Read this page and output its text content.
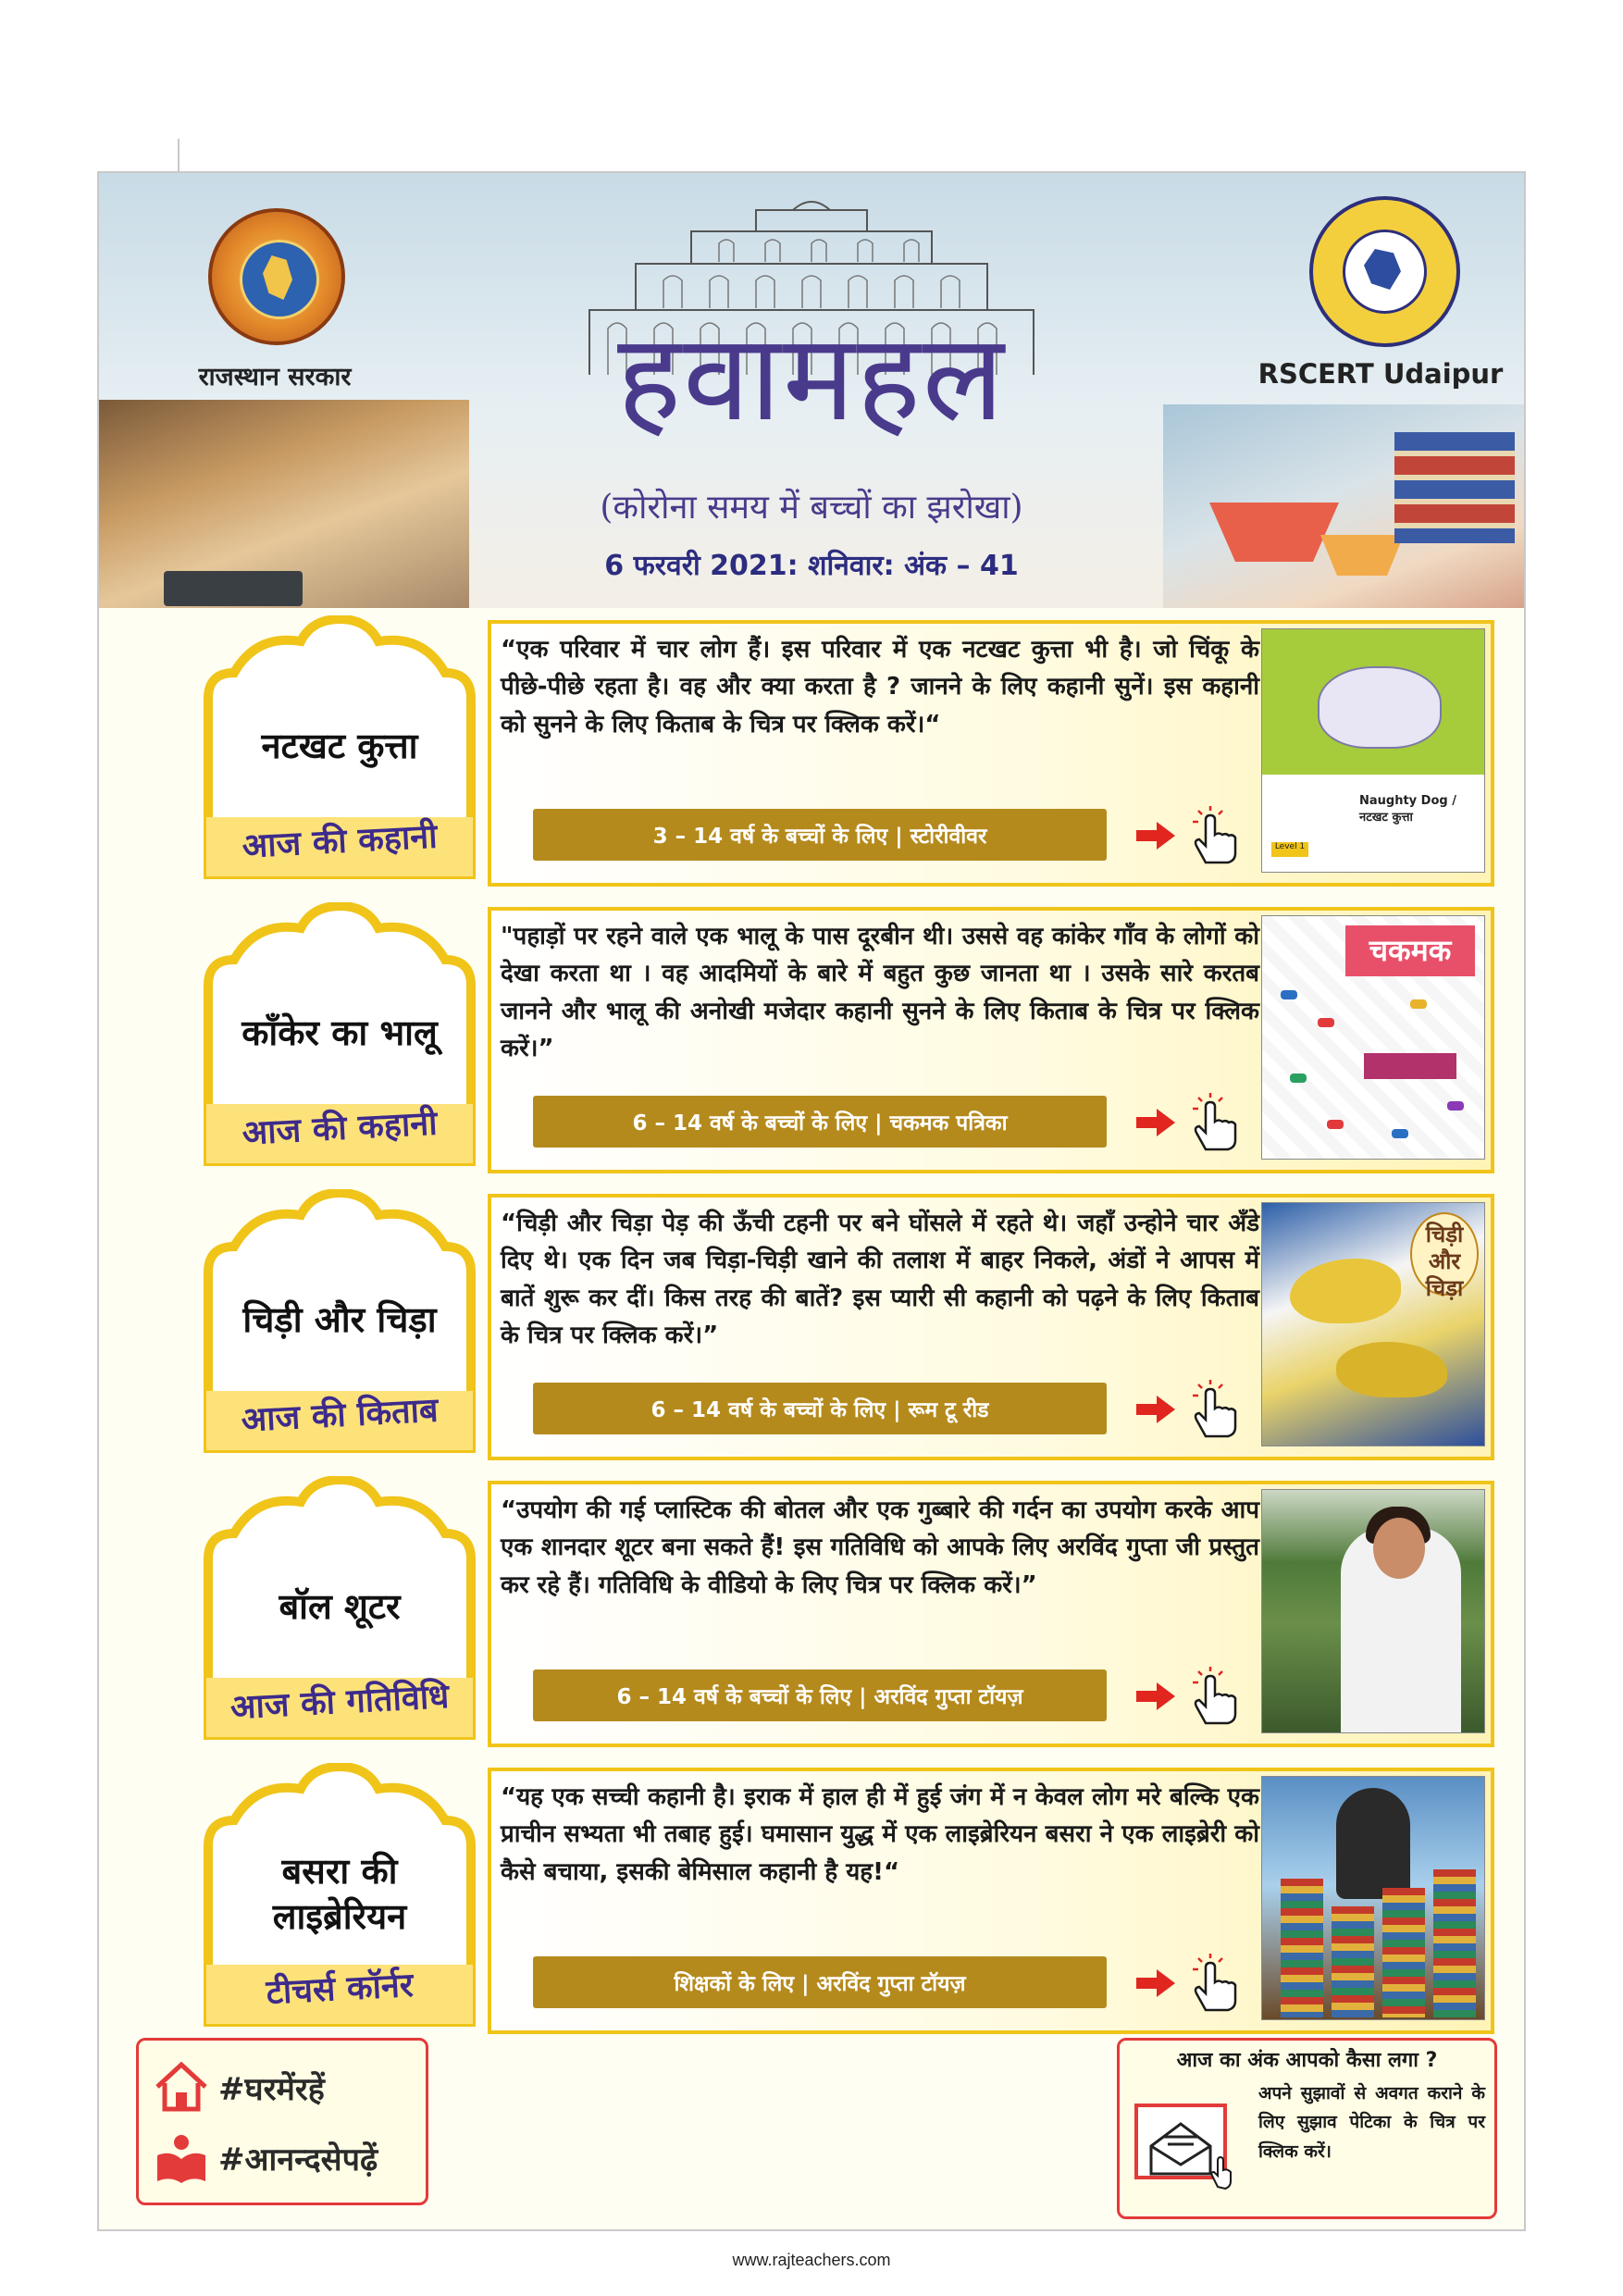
राजस्थान सरकार	हवामहल
(कोरोना समय में बच्चों का झरोखा)
6 फरवरी 2021: शनिवार: अंक – 41
RSCERT Udaipur
नटखट कुत्ता
आज की कहानी
“एक परिवार में चार लोग हैं। इस परिवार में एक नटखट कुत्ता भी है। जो चिंकू के पीछे-पीछे रहता है। वह और क्या करता है ? जानने के लिए कहानी सुनें। इस कहानी को सुनने के लिए किताब के चित्र पर क्लिक करें।“
3 – 14 वर्ष के बच्चों के लिए | स्टोरीवीवर
Naughty Dog / नटखट कुत्ता
Level 1
काँकेर का भालू
आज की कहानी
"पहाड़ों पर रहने वाले एक भालू के पास दूरबीन थी। उससे वह कांकेर गाँव के लोगों को देखा करता था । वह आदमियों के बारे में बहुत कुछ जानता था । उसके सारे करतब जानने और भालू की अनोखी मजेदार कहानी सुनने के लिए किताब के चित्र पर क्लिक करें।”
6 – 14 वर्ष के बच्चों के लिए | चकमक पत्रिका
चकमक
चिड़ी और चिड़ा
आज की किताब
“चिड़ी और चिड़ा पेड़ की ऊँची टहनी पर बने घोंसले में रहते थे। जहाँ उन्होने चार अँडे दिए थे। एक दिन जब चिड़ा-चिड़ी खाने की तलाश में बाहर निकले, अंडों ने आपस में बातें शुरू कर दीं। किस तरह की बातें? इस प्यारी सी कहानी को पढ़ने के लिए किताब के चित्र पर क्लिक करें।”
6 – 14 वर्ष के बच्चों के लिए | रूम टू रीड
चिड़ी और चिड़ा
बॉल शूटर
आज की गतिविधि
“उपयोग की गई प्लास्टिक की बोतल और एक गुब्बारे की गर्दन का उपयोग करके आप एक शानदार शूटर बना सकते हैं! इस गतिविधि को आपके लिए अरविंद गुप्ता जी प्रस्तुत कर रहे हैं। गतिविधि के वीडियो के लिए चित्र पर क्लिक करें।”
6 – 14 वर्ष के बच्चों के लिए | अरविंद गुप्ता टॉयज़
बसरा की लाइब्रेरियन
टीचर्स कॉर्नर
“यह एक सच्ची कहानी है। इराक में हाल ही में हुई जंग में न केवल लोग मरे बल्कि एक प्राचीन सभ्यता भी तबाह हुई। घमासान युद्ध में एक लाइब्रेरियन बसरा ने एक लाइब्रेरी को कैसे बचाया, इसकी बेमिसाल कहानी है यह!“
शिक्षकों के लिए | अरविंद गुप्ता टॉयज़
#घरमेंरहें
#आनन्दसेपढ़ें
आज का अंक आपको कैसा लगा ?
अपने सुझावों से अवगत कराने के लिए सुझाव पेटिका के चित्र पर क्लिक करें।
www.rajteachers.com
